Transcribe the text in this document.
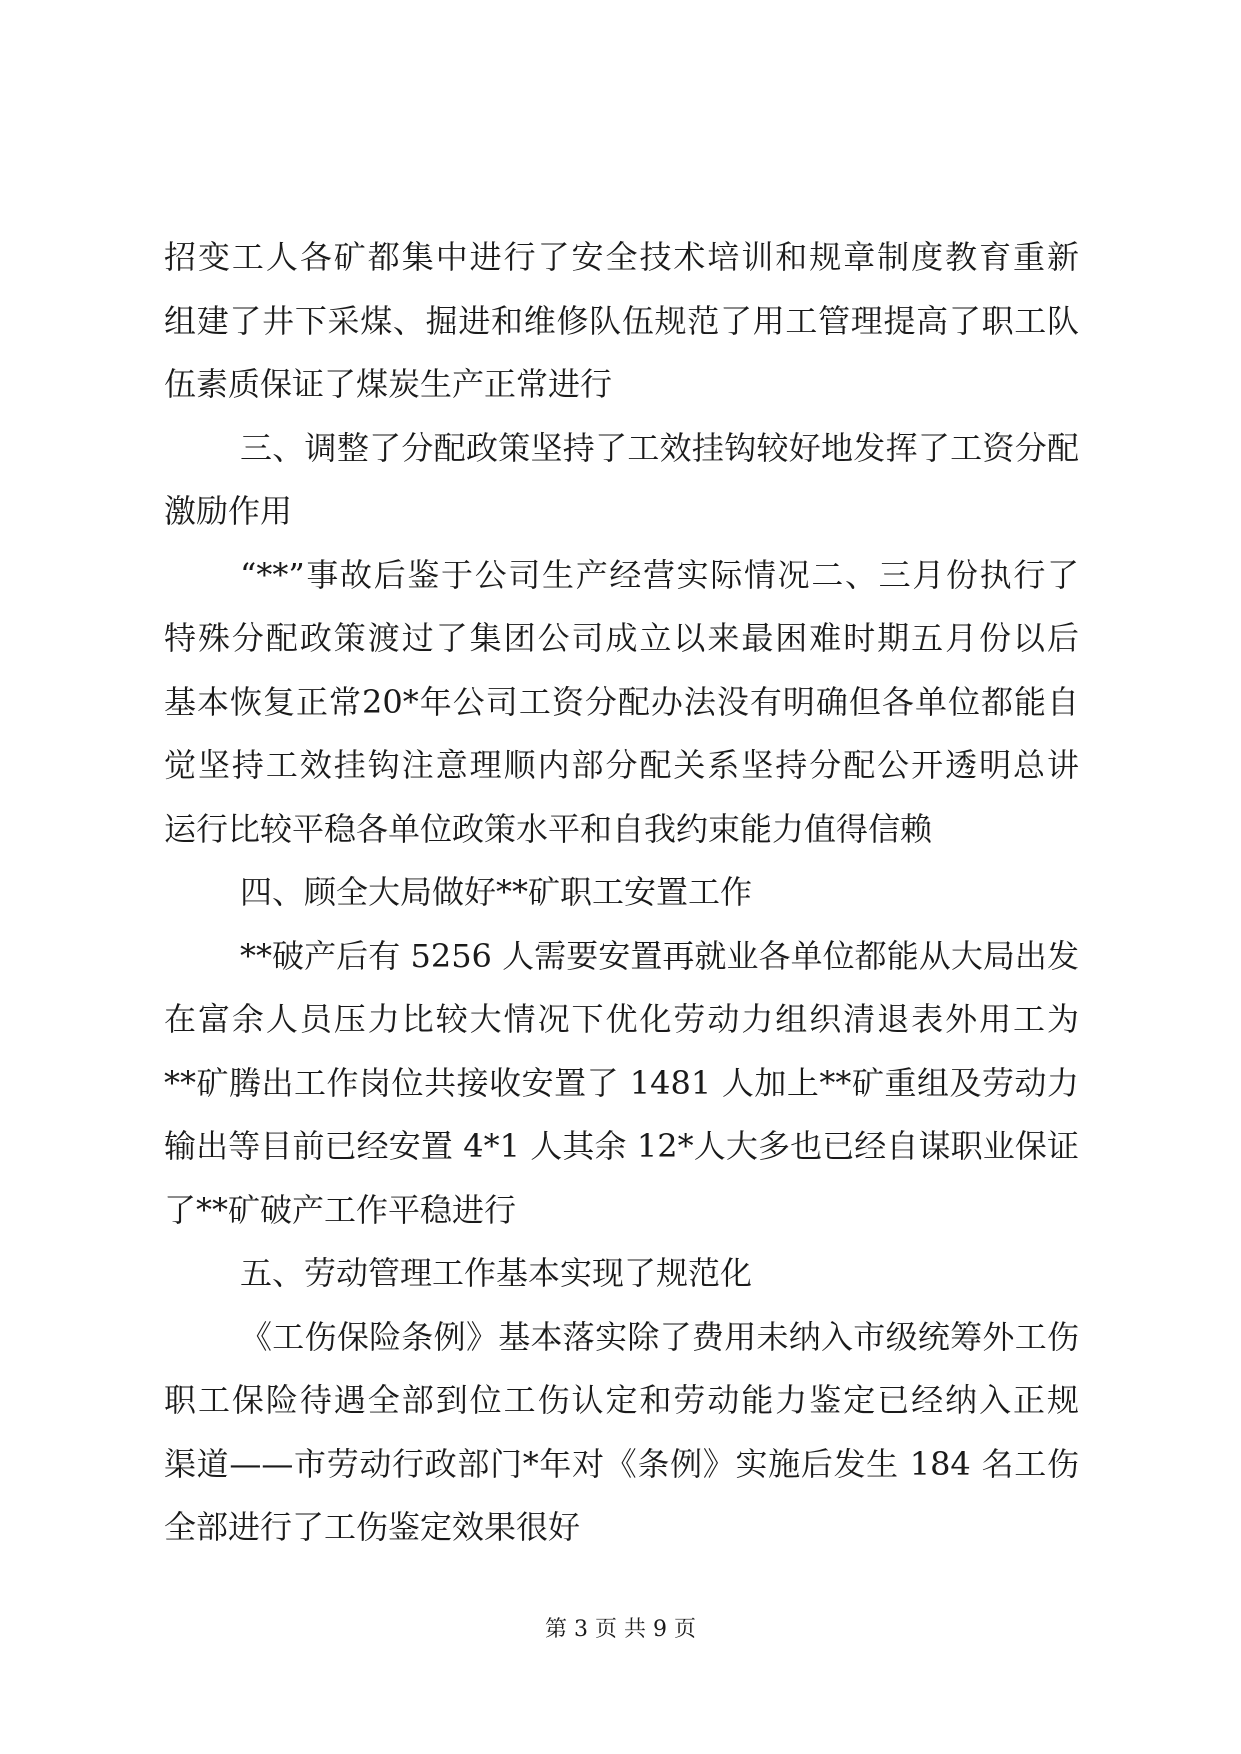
招变工人各矿都集中进行了安全技术培训和规章制度教育重新
组建了井下采煤、掘进和维修队伍规范了用工管理提高了职工队
伍素质保证了煤炭生产正常进行
三、调整了分配政策坚持了工效挂钩较好地发挥了工资分配
激励作用
“**”事故后鉴于公司生产经营实际情况二、三月份执行了
特殊分配政策渡过了集团公司成立以来最困难时期五月份以后
基本恢复正常20*年公司工资分配办法没有明确但各单位都能自
觉坚持工效挂钩注意理顺内部分配关系坚持分配公开透明总讲
运行比较平稳各单位政策水平和自我约束能力值得信赖
四、顾全大局做好**矿职工安置工作
**破产后有 5256 人需要安置再就业各单位都能从大局出发
在富余人员压力比较大情况下优化劳动力组织清退表外用工为
**矿腾出工作岗位共接收安置了 1481 人加上**矿重组及劳动力
输出等目前已经安置 4*1 人其余 12*人大多也已经自谋职业保证
了**矿破产工作平稳进行
五、劳动管理工作基本实现了规范化
《工伤保险条例》基本落实除了费用未纳入市级统筹外工伤
职工保险待遇全部到位工伤认定和劳动能力鉴定已经纳入正规
渠道——市劳动行政部门*年对《条例》实施后发生 184 名工伤
全部进行了工伤鉴定效果很好
第 3 页 共 9 页
